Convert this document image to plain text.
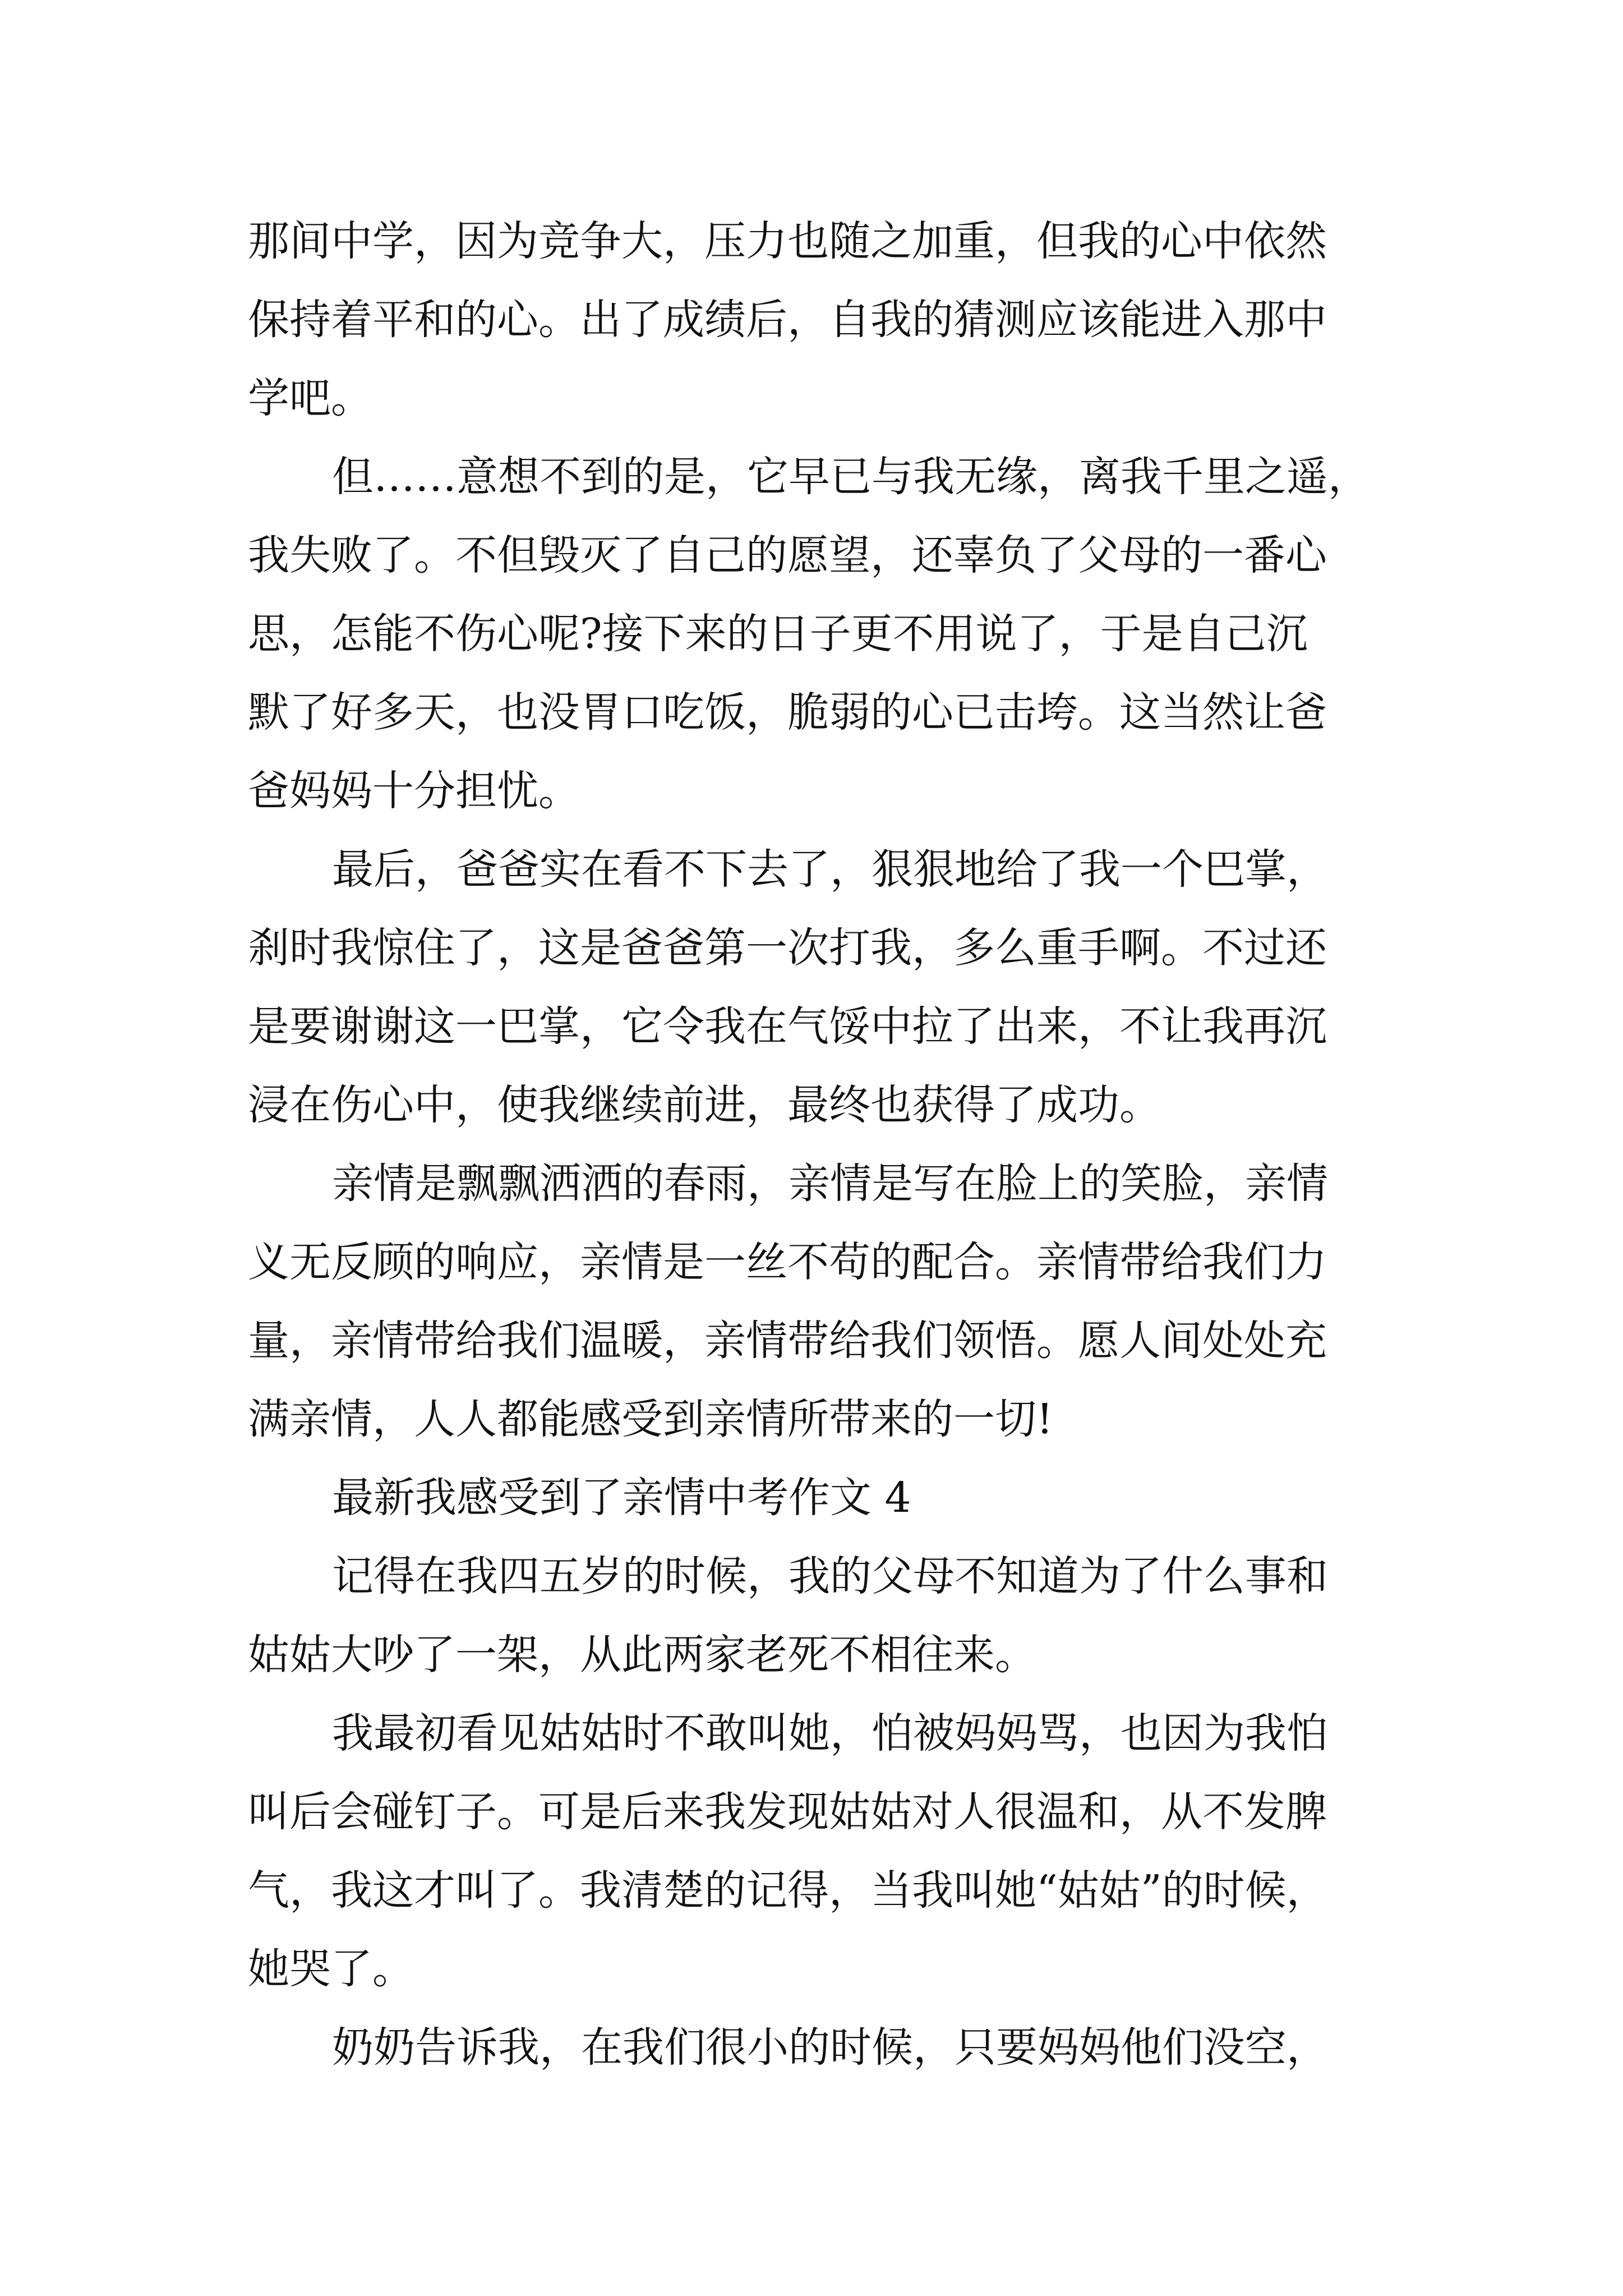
那间中学，因为竞争大，压力也随之加重，但我的心中依然
保持着平和的心。出了成绩后，自我的猜测应该能进入那中
学吧。
但……意想不到的是，它早已与我无缘，离我千里之遥，
我失败了。不但毁灭了自己的愿望，还辜负了父母的一番心
思，怎能不伤心呢?接下来的日子更不用说了，于是自己沉
默了好多天，也没胃口吃饭，脆弱的心已击垮。这当然让爸
爸妈妈十分担忧。
最后，爸爸实在看不下去了，狠狠地给了我一个巴掌，
刹时我惊住了，这是爸爸第一次打我，多么重手啊。不过还
是要谢谢这一巴掌，它令我在气馁中拉了出来，不让我再沉
浸在伤心中，使我继续前进，最终也获得了成功。
亲情是飘飘洒洒的春雨，亲情是写在脸上的笑脸，亲情
义无反顾的响应，亲情是一丝不苟的配合。亲情带给我们力
量，亲情带给我们温暖，亲情带给我们领悟。愿人间处处充
满亲情，人人都能感受到亲情所带来的一切!
最新我感受到了亲情中考作文 4
记得在我四五岁的时候，我的父母不知道为了什么事和
姑姑大吵了一架，从此两家老死不相往来。
我最初看见姑姑时不敢叫她，怕被妈妈骂，也因为我怕
叫后会碰钉子。可是后来我发现姑姑对人很温和，从不发脾
气，我这才叫了。我清楚的记得，当我叫她“姑姑”的时候，
她哭了。
奶奶告诉我，在我们很小的时候，只要妈妈他们没空，
